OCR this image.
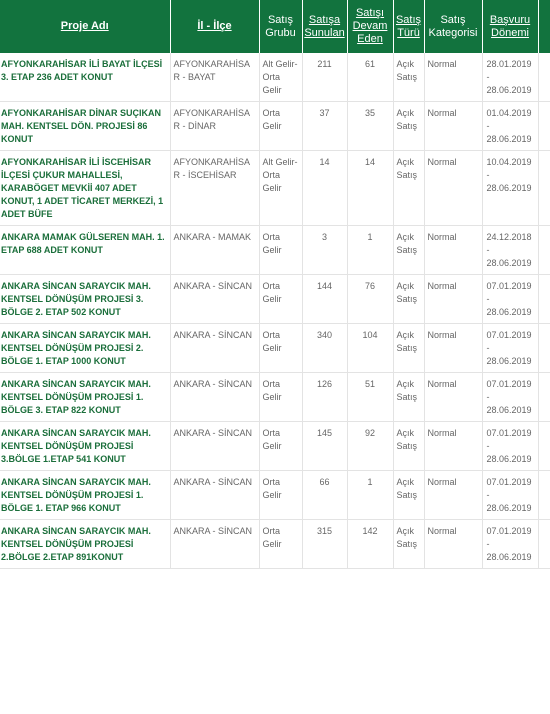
Proje Adı	İl - İlçe	Satış Grubu	Satışa Sunulan	Satışı Devam Eden	Satış Türü	Satış Kategorisi	Başvuru Dönemi	
AFYONKARAHİSAR İLİ BAYAT İLÇESİ 3. ETAP 236 ADET KONUT	AFYONKARAHİSAR - BAYAT	Alt Gelir-Orta Gelir	211	61	Açık Satış	Normal	28.01.2019
-
28.06.2019	

AFYONKARAHİSAR DİNAR SUÇIKAN MAH. KENTSEL DÖN. PROJESİ 86 KONUT	AFYONKARAHİSAR - DİNAR	Orta Gelir	37	35	Açık Satış	Normal	01.04.2019
-
28.06.2019	

AFYONKARAHİSAR İLİ İSCEHİSAR İLÇESİ ÇUKUR MAHALLESİ, KARABÖGET MEVKİİ 407 ADET KONUT, 1 ADET TİCARET MERKEZİ, 1 ADET BÜFE	AFYONKARAHİSAR - İSCEHİSAR	Alt Gelir-Orta Gelir	14	14	Açık Satış	Normal	10.04.2019
-
28.06.2019	

ANKARA MAMAK GÜLSEREN MAH. 1. ETAP 688 ADET KONUT	ANKARA - MAMAK	Orta Gelir	3	1	Açık Satış	Normal	24.12.2018
-
28.06.2019	

ANKARA SİNCAN SARAYCIK MAH. KENTSEL DÖNÜŞÜM PROJESİ 3. BÖLGE 2. ETAP 502 KONUT	ANKARA - SİNCAN	Orta Gelir	144	76	Açık Satış	Normal	07.01.2019
-
28.06.2019	

ANKARA SİNCAN SARAYCIK MAH. KENTSEL DÖNÜŞÜM PROJESİ 2. BÖLGE 1. ETAP 1000 KONUT	ANKARA - SİNCAN	Orta Gelir	340	104	Açık Satış	Normal	07.01.2019
-
28.06.2019	

ANKARA SİNCAN SARAYCIK MAH. KENTSEL DÖNÜŞÜM PROJESİ 1. BÖLGE 3. ETAP 822 KONUT	ANKARA - SİNCAN	Orta Gelir	126	51	Açık Satış	Normal	07.01.2019
-
28.06.2019	

ANKARA SİNCAN SARAYCIK MAH. KENTSEL DÖNÜŞÜM PROJESİ 3.BÖLGE 1.ETAP 541 KONUT	ANKARA - SİNCAN	Orta Gelir	145	92	Açık Satış	Normal	07.01.2019
-
28.06.2019	

ANKARA SİNCAN SARAYCIK MAH. KENTSEL DÖNÜŞÜM PROJESİ 1. BÖLGE 1. ETAP 966 KONUT	ANKARA - SİNCAN	Orta Gelir	66	1	Açık Satış	Normal	07.01.2019
-
28.06.2019	

ANKARA SİNCAN SARAYCIK MAH. KENTSEL DÖNÜŞÜM PROJESİ 2.BÖLGE 2.ETAP 891KONUT	ANKARA - SİNCAN	Orta Gelir	315	142	Açık Satış	Normal	07.01.2019
-
28.06.2019	
